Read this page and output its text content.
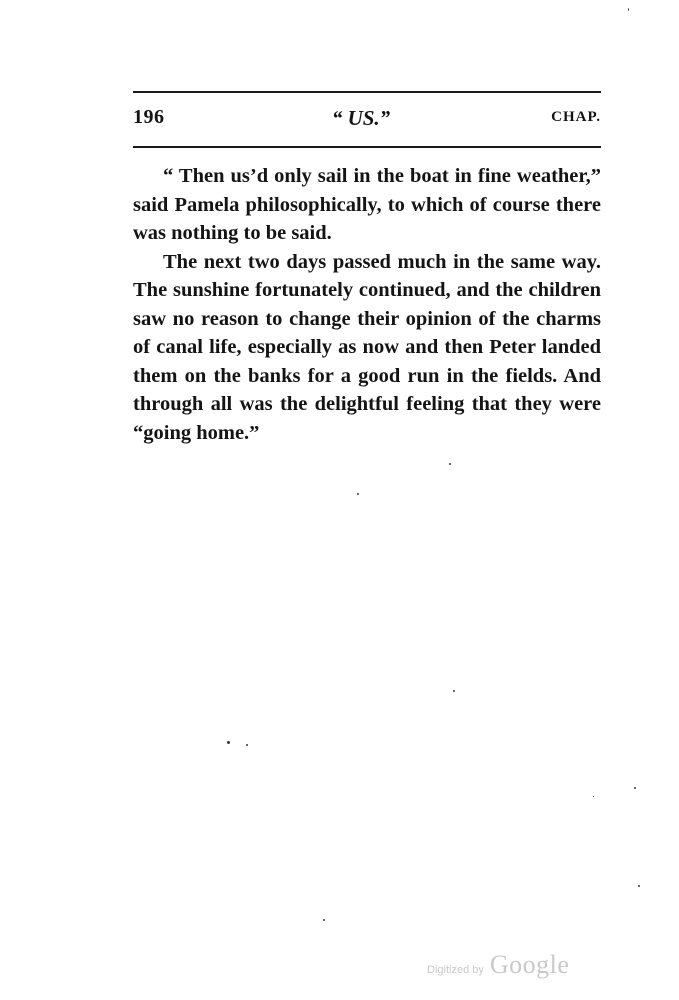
196	“ US.”	CHAP.

“ Then us’d only sail in the boat in fine weather,” said Pamela philosophically, to which of course there was nothing to be said.

The next two days passed much in the same way. The sunshine fortunately continued, and the children saw no reason to change their opinion of the charms of canal life, especially as now and then Peter landed them on the banks for a good run in the fields. And through all was the delightful feeling that they were “going home.”

Digitized by Google
